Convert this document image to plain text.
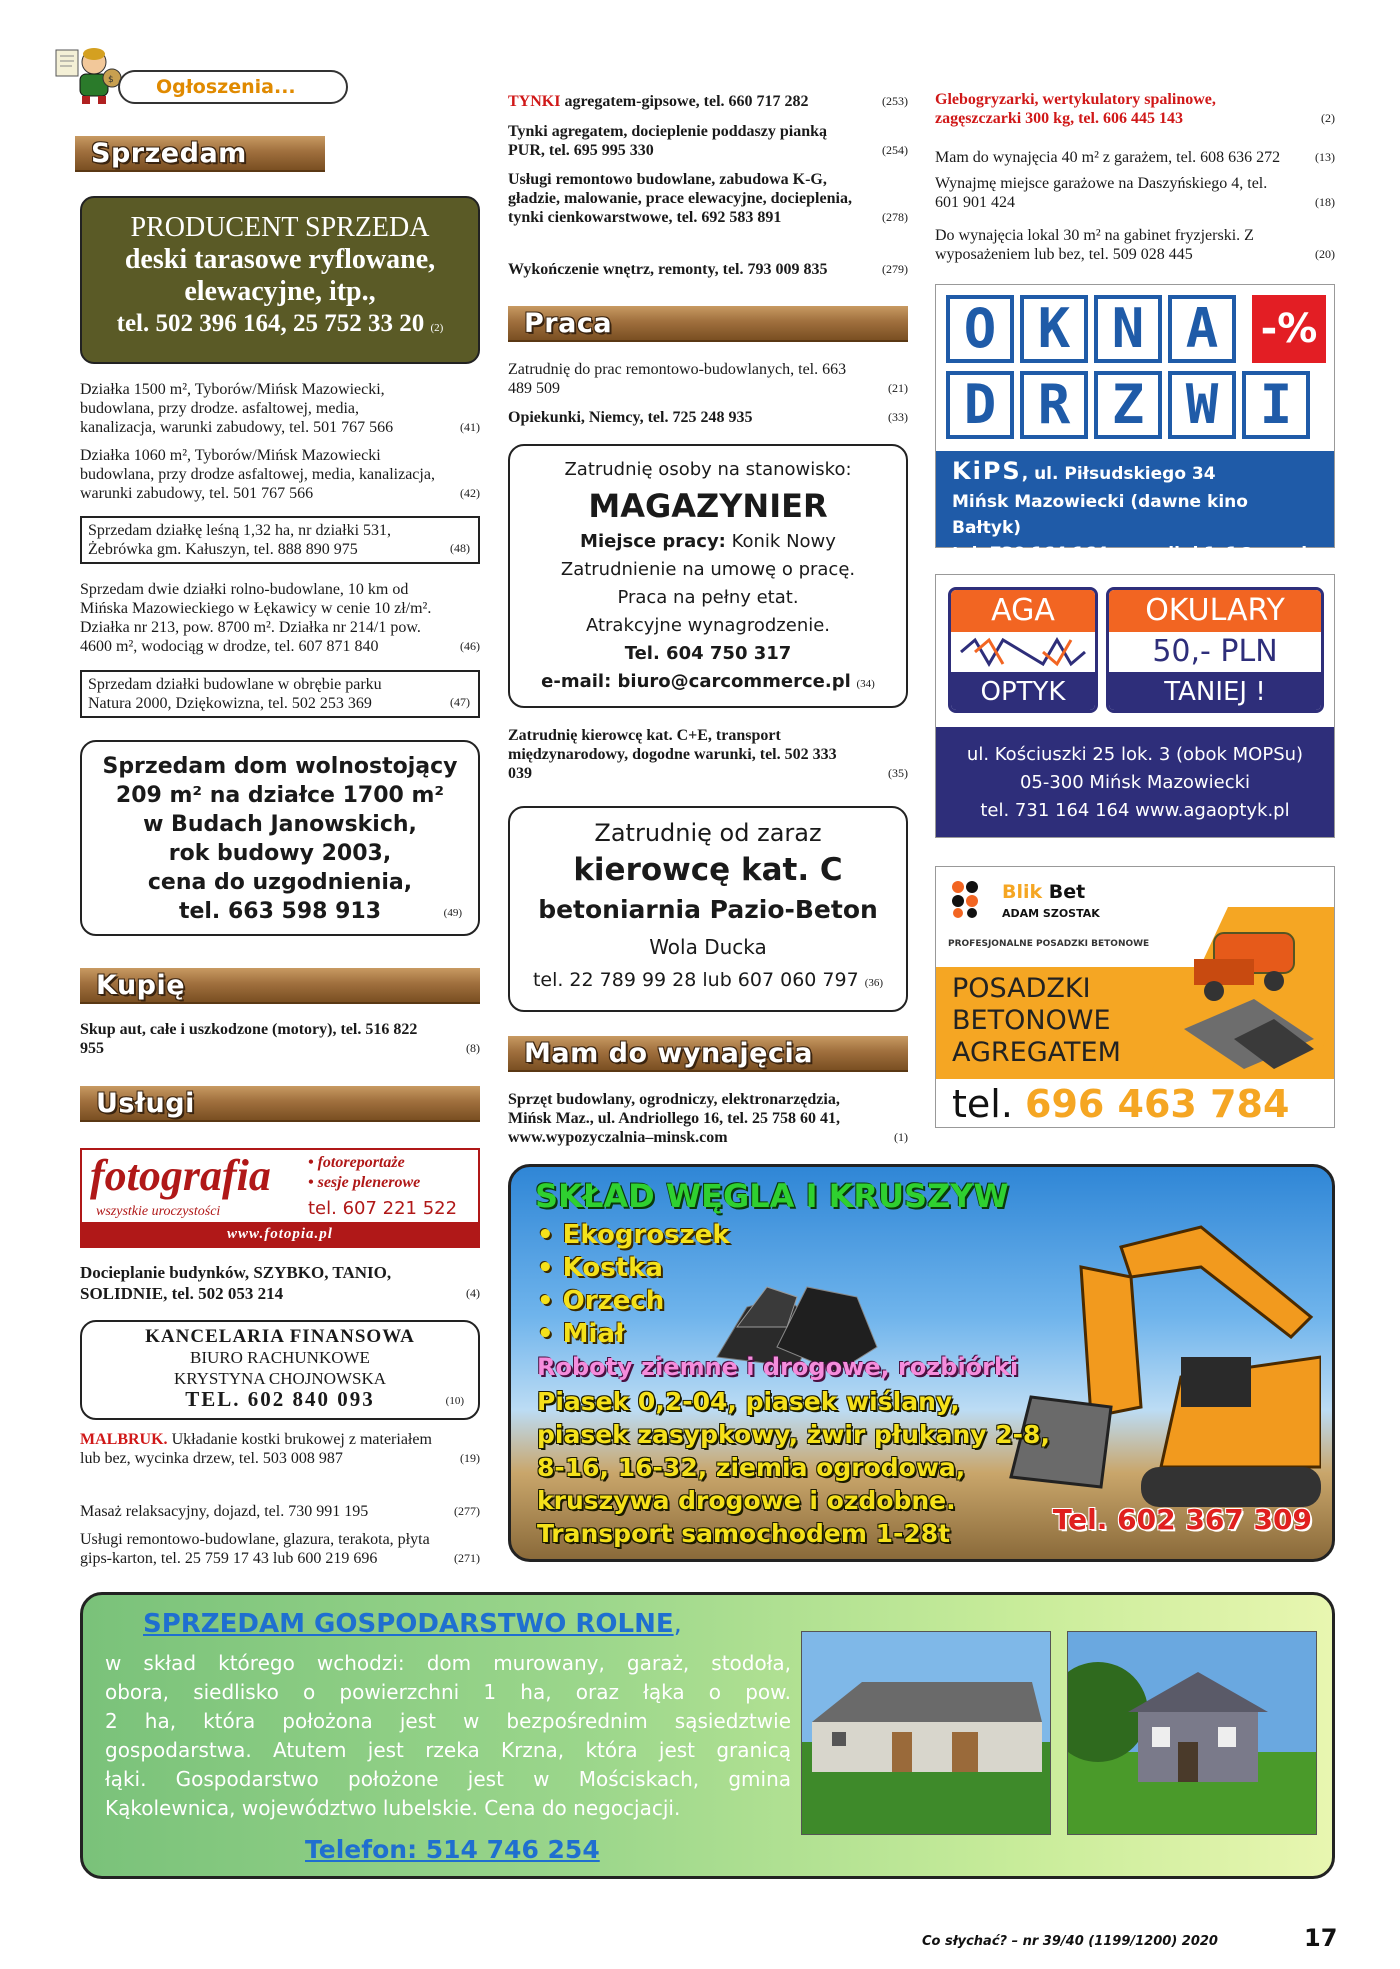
$ Ogłoszenia...
Sprzedam
PRODUCENT SPRZEDA
deski tarasowe ryflowane,
elewacyjne, itp.,
tel. 502 396 164, 25 752 33 20 (2)
Działka 1500 m², Tyborów/Mińsk Mazowiecki, budowlana, przy drodze. asfaltowej, media, kanalizacja, warunki zabudowy, tel. 501 767 566	(41)
Działka 1060 m², Tyborów/Mińsk Mazowiecki budowlana, przy drodze asfaltowej, media, kanalizacja, warunki zabudowy, tel. 501 767 566	(42)
Sprzedam działkę leśną 1,32 ha, nr działki 531, Żebrówka gm. Kałuszyn, tel. 888 890 975	(48)
Sprzedam dwie działki rolno-budowlane, 10 km od Mińska Mazowieckiego w Łękawicy w cenie 10 zł/m². Działka nr 213, pow. 8700 m². Działka nr 214/1 pow. 4600 m², wodociąg w drodze, tel. 607 871 840	(46)
Sprzedam działki budowlane w obrębie parku Natura 2000, Dziękowizna, tel. 502 253 369	(47)
Sprzedam dom wolnostojący
209 m² na działce 1700 m²
w Budach Janowskich,
rok budowy 2003,
cena do uzgodnienia,
tel. 663 598 913	(49)
Kupię
Skup aut, całe i uszkodzone (motory), tel. 516 822 955	(8)
Usługi
fotografia
wszystkie uroczystości
• fotoreportaże
• sesje plenerowe
tel. 607 221 522
www.fotopia.pl
Docieplanie budynków, SZYBKO, TANIO, SOLIDNIE, tel. 502 053 214	(4)
KANCELARIA FINANSOWA
BIURO RACHUNKOWE
KRYSTYNA CHOJNOWSKA
TEL. 602 840 093	(10)
MALBRUK. Układanie kostki brukowej z materiałem lub bez, wycinka drzew, tel. 503 008 987	(19)
Masaż relaksacyjny, dojazd, tel. 730 991 195	(277)
Usługi remontowo-budowlane, glazura, terakota, płyta gips-karton, tel. 25 759 17 43 lub 600 219 696	(271)
TYNKI agregatem-gipsowe, tel. 660 717 282	(253)
Tynki agregatem, docieplenie poddaszy pianką PUR, tel. 695 995 330	(254)
Usługi remontowo budowlane, zabudowa K-G, gładzie, malowanie, prace elewacyjne, docieplenia, tynki cienkowarstwowe, tel. 692 583 891	(278)
Wykończenie wnętrz, remonty, tel. 793 009 835	(279)
Praca
Zatrudnię do prac remontowo-budowlanych, tel. 663 489 509	(21)
Opiekunki, Niemcy, tel. 725 248 935	(33)
Zatrudnię osoby na stanowisko:
MAGAZYNIER
Miejsce pracy: Konik Nowy
Zatrudnienie na umowę o pracę.
Praca na pełny etat.
Atrakcyjne wynagrodzenie.
Tel. 604 750 317
e-mail: biuro@carcommerce.pl (34)
Zatrudnię kierowcę kat. C+E, transport międzynarodowy, dogodne warunki, tel. 502 333 039	(35)
Zatrudnię od zaraz
kierowcę kat. C
betoniarnia Pazio-Beton
Wola Ducka
tel. 22 789 99 28 lub 607 060 797 (36)
Mam do wynajęcia
Sprzęt budowlany, ogrodniczy, elektronarzędzia, Mińsk Maz., ul. Andriollego 16, tel. 25 758 60 41, www.wypozyczalnia–minsk.com	(1)
Glebogryzarki, wertykulatory spalinowe, zagęszczarki 300 kg, tel. 606 445 143	(2)
Mam do wynajęcia 40 m² z garażem, tel. 608 636 272	(13)
Wynajmę miejsce garażowe na Daszyńskiego 4, tel. 601 901 424	(18)
Do wynajęcia lokal 30 m² na gabinet fryzjerski. Z wyposażeniem lub bez, tel. 509 028 445	(20)
O K N A	-%
D R Z W I
KiPS, ul. Piłsudskiego 34
Mińsk Mazowiecki (dawne kino Bałtyk)
tel. 730 164 164, e-mail: k1s1@wp.pl
AGA
OPTYK
OKULARY
50,- PLN
TANIEJ !
ul. Kościuszki 25 lok. 3 (obok MOPSu)
05-300 Mińsk Mazowiecki
tel. 731 164 164 www.agaoptyk.pl
Blik Bet
ADAM SZOSTAK
PROFESJONALNE POSADZKI BETONOWE
POSADZKI
BETONOWE
AGREGATEM
tel. 696 463 784
SKŁAD WĘGLA I KRUSZYW
• Ekogroszek
• Kostka
• Orzech
• Miał
Roboty ziemne i drogowe, rozbiórki
Piasek 0,2-04, piasek wiślany,
piasek zasypkowy, żwir płukany 2-8,
8-16, 16-32, ziemia ogrodowa,
kruszywa drogowe i ozdobne.
Transport samochodem 1-28t	Tel. 602 367 309
SPRZEDAM GOSPODARSTWO ROLNE,
w skład którego wchodzi: dom murowany, garaż, stodoła,
obora, siedlisko o powierzchni 1 ha, oraz łąka o pow.
2 ha, która położona jest w bezpośrednim sąsiedztwie
gospodarstwa. Atutem jest rzeka Krzna, która jest granicą
łąki. Gospodarstwo położone jest w Mościskach, gmina
Kąkolewnica, województwo lubelskie. Cena do negocjacji.
Telefon: 514 746 254
Co słychać? – nr 39/40 (1199/1200) 2020	17
